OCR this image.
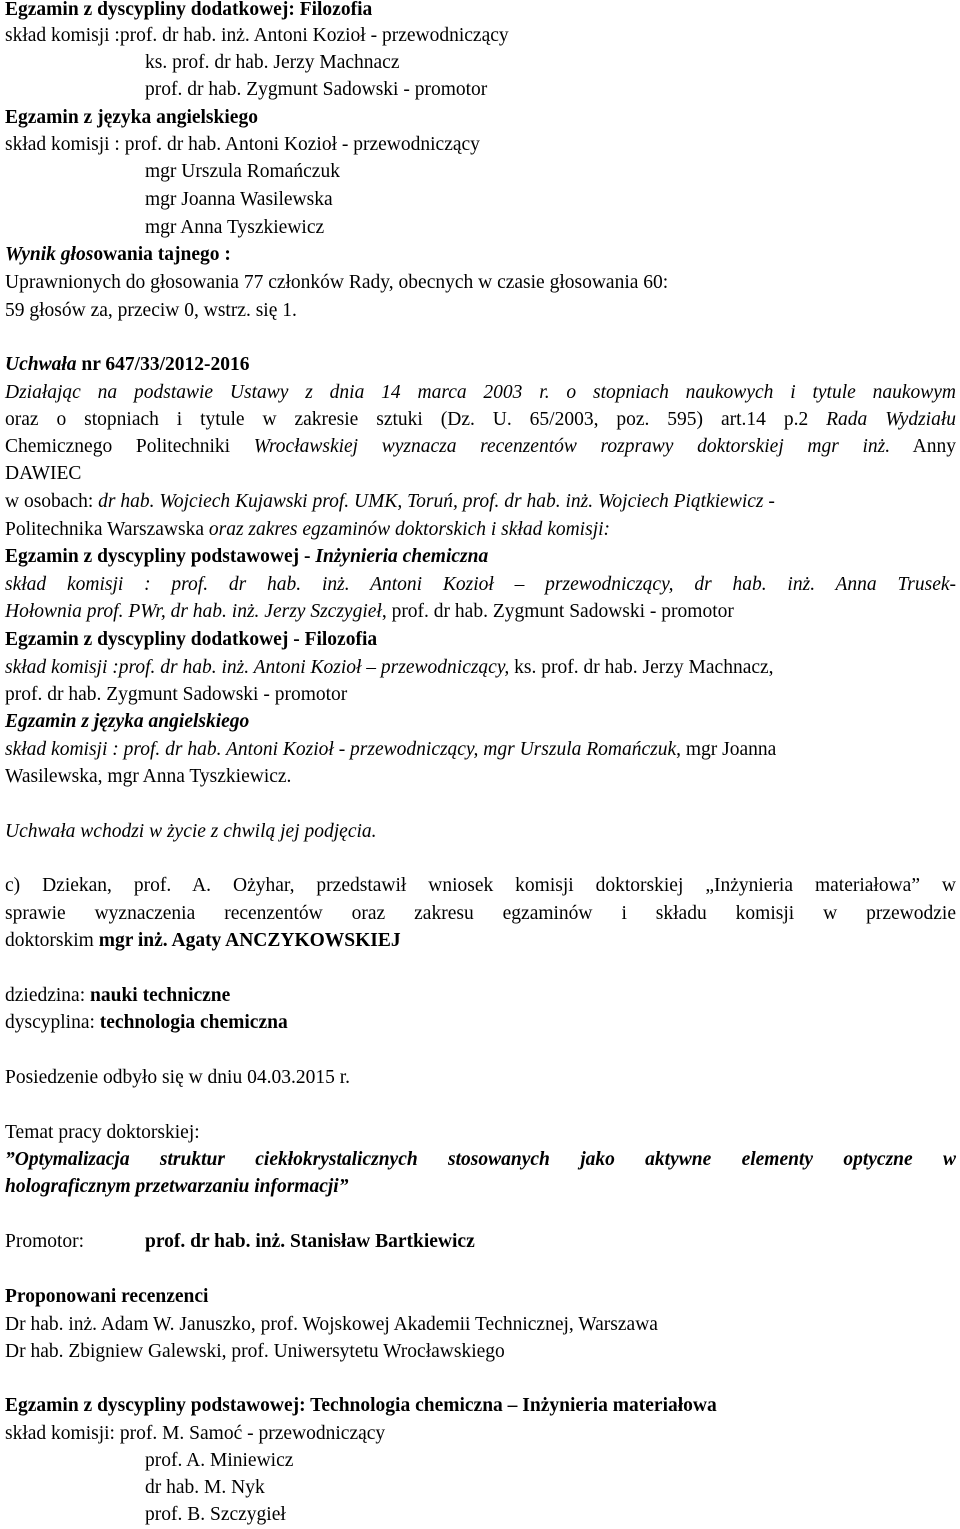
Egzamin z dyscypliny dodatkowej: Filozofia
skład komisji :prof. dr hab. inż. Antoni Kozioł - przewodniczący
ks. prof. dr hab. Jerzy Machnacz
prof. dr hab. Zygmunt Sadowski - promotor
Egzamin z języka angielskiego
skład komisji : prof. dr hab. Antoni Kozioł - przewodniczący
mgr Urszula Romańczuk
mgr Joanna Wasilewska
mgr Anna Tyszkiewicz
Wynik głosowania tajnego :
Uprawnionych do głosowania 77 członków Rady, obecnych w czasie głosowania 60:
59 głosów za, przeciw 0, wstrz. się 1.
Uchwała nr 647/33/2012-2016
Działając na podstawie Ustawy z dnia 14 marca 2003 r. o stopniach naukowych i tytule naukowym
oraz o stopniach i tytule w zakresie sztuki (Dz. U. 65/2003, poz. 595) art.14 p.2 Rada Wydziału
Chemicznego Politechniki Wrocławskiej wyznacza recenzentów rozprawy doktorskiej mgr inż. Anny
DAWIEC
w osobach: dr hab. Wojciech Kujawski prof. UMK, Toruń, prof. dr hab. inż. Wojciech Piątkiewicz -
Politechnika Warszawska oraz zakres egzaminów doktorskich i skład komisji:
Egzamin z dyscypliny podstawowej - Inżynieria chemiczna
skład komisji : prof. dr hab. inż. Antoni Kozioł – przewodniczący, dr hab. inż. Anna Trusek-
Hołownia prof. PWr, dr hab. inż. Jerzy Szczygieł, prof. dr hab. Zygmunt Sadowski - promotor
Egzamin z dyscypliny dodatkowej - Filozofia
skład komisji :prof. dr hab. inż. Antoni Kozioł – przewodniczący, ks. prof. dr hab. Jerzy Machnacz,
prof. dr hab. Zygmunt Sadowski - promotor
Egzamin z języka angielskiego
skład komisji : prof. dr hab. Antoni Kozioł - przewodniczący, mgr Urszula Romańczuk, mgr Joanna
Wasilewska, mgr Anna Tyszkiewicz.
Uchwała wchodzi w życie z chwilą jej podjęcia.
c) Dziekan, prof. A. Ożyhar, przedstawił wniosek komisji doktorskiej „Inżynieria materiałowa” w
sprawie wyznaczenia recenzentów oraz zakresu egzaminów i składu komisji w przewodzie
doktorskim mgr inż. Agaty ANCZYKOWSKIEJ
dziedzina: nauki techniczne
dyscyplina: technologia chemiczna
Posiedzenie odbyło się w dniu 04.03.2015 r.
Temat pracy doktorskiej:
”Optymalizacja struktur ciekłokrystalicznych stosowanych jako aktywne elementy optyczne w
holograficznym przetwarzaniu informacji”
Promotor:	prof. dr hab. inż. Stanisław Bartkiewicz
Proponowani recenzenci
Dr hab. inż. Adam W. Januszko, prof. Wojskowej Akademii Technicznej, Warszawa
Dr hab. Zbigniew Galewski, prof. Uniwersytetu Wrocławskiego
Egzamin z dyscypliny podstawowej: Technologia chemiczna – Inżynieria materiałowa
skład komisji: prof. M. Samoć - przewodniczący
prof. A. Miniewicz
dr hab. M. Nyk
prof. B. Szczygieł
